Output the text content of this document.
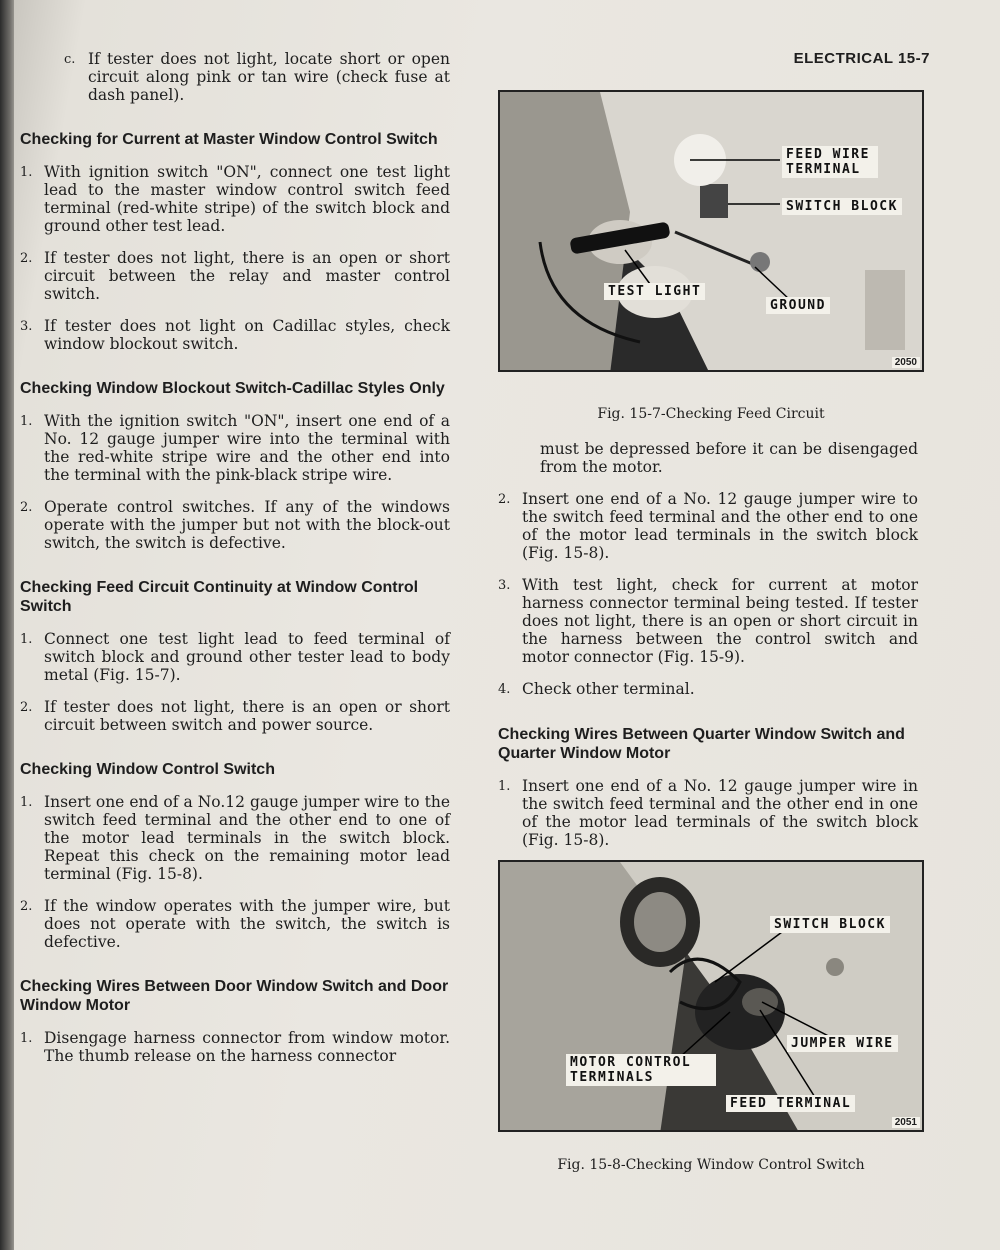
ELECTRICAL 15-7
c. If tester does not light, locate short or open circuit along pink or tan wire (check fuse at dash panel).
Checking for Current at Master Window Control Switch
1. With ignition switch "ON", connect one test light lead to the master window control switch feed terminal (red-white stripe) of the switch block and ground other test lead.
2. If tester does not light, there is an open or short circuit between the relay and master control switch.
3. If tester does not light on Cadillac styles, check window blockout switch.
Checking Window Blockout Switch-Cadillac Styles Only
1. With the ignition switch "ON", insert one end of a No. 12 gauge jumper wire into the terminal with the red-white stripe wire and the other end into the terminal with the pink-black stripe wire.
2. Operate control switches. If any of the windows operate with the jumper but not with the block-out switch, the switch is defective.
Checking Feed Circuit Continuity at Window Control Switch
1. Connect one test light lead to feed terminal of switch block and ground other tester lead to body metal (Fig. 15-7).
2. If tester does not light, there is an open or short circuit between switch and power source.
Checking Window Control Switch
1. Insert one end of a No.12 gauge jumper wire to the switch feed terminal and the other end to one of the motor lead terminals in the switch block. Repeat this check on the remaining motor lead terminal (Fig. 15-8).
2. If the window operates with the jumper wire, but does not operate with the switch, the switch is defective.
Checking Wires Between Door Window Switch and Door Window Motor
1. Disengage harness connector from window motor. The thumb release on the harness connector
FEED WIRE TERMINAL
SWITCH BLOCK
TEST LIGHT
GROUND
2050
Fig. 15-7-Checking Feed Circuit
must be depressed before it can be disengaged from the motor.
2. Insert one end of a No. 12 gauge jumper wire to the switch feed terminal and the other end to one of the motor lead terminals in the switch block (Fig. 15-8).
3. With test light, check for current at motor harness connector terminal being tested. If tester does not light, there is an open or short circuit in the harness between the control switch and motor connector (Fig. 15-9).
4. Check other terminal.
Checking Wires Between Quarter Window Switch and Quarter Window Motor
1. Insert one end of a No. 12 gauge jumper wire in the switch feed terminal and the other end in one of the motor lead terminals of the switch block (Fig. 15-8).
SWITCH BLOCK
JUMPER WIRE
MOTOR CONTROL TERMINALS
FEED TERMINAL
2051
Fig. 15-8-Checking Window Control Switch
